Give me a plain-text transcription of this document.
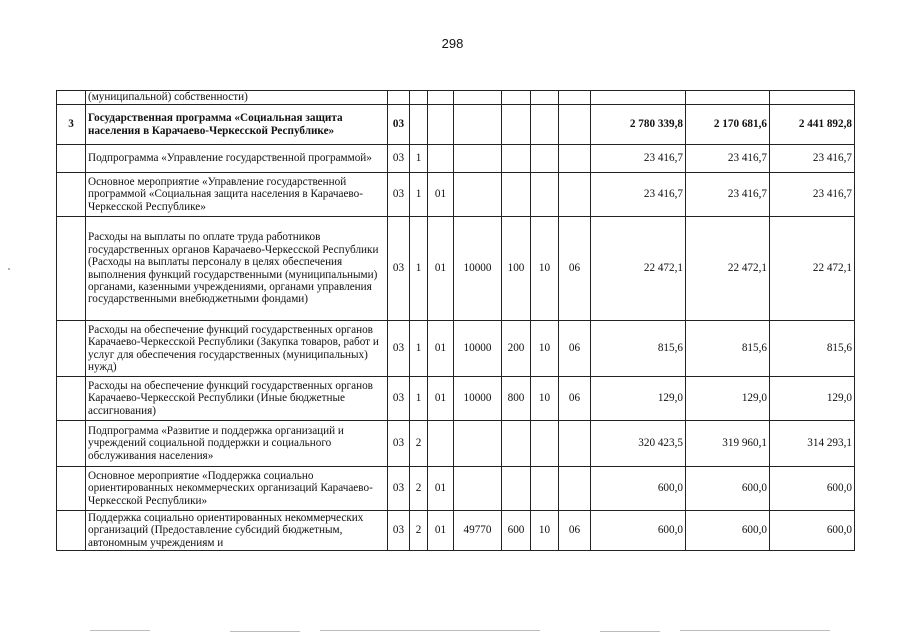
298
	(муниципальной) собственности)										
3	Государственная программа «Социальная защита населения в Карачаево-Черкесской Республике»	03							2 780 339,8	2 170 681,6	2 441 892,8
	Подпрограмма «Управление государственной программой»	03	1						23 416,7	23 416,7	23 416,7
	Основное мероприятие «Управление государственной программой «Социальная защита населения в Карачаево-Черкесской Республике»	03	1	01					23 416,7	23 416,7	23 416,7
	Расходы на выплаты по оплате труда работников государственных органов Карачаево-Черкесской Республики (Расходы на выплаты персоналу в целях обеспечения выполнения функций государственными (муниципальными) органами, казенными учреждениями, органами управления государственными внебюджетными фондами)	03	1	01	10000	100	10	06	22 472,1	22 472,1	22 472,1
	Расходы на обеспечение функций государственных органов Карачаево-Черкесской Республики (Закупка товаров, работ и услуг для обеспечения государственных (муниципальных) нужд)	03	1	01	10000	200	10	06	815,6	815,6	815,6
	Расходы на обеспечение функций государственных органов Карачаево-Черкесской Республики (Иные бюджетные ассигнования)	03	1	01	10000	800	10	06	129,0	129,0	129,0
	Подпрограмма «Развитие и поддержка организаций и учреждений социальной поддержки и социального обслуживания населения»	03	2						320 423,5	319 960,1	314 293,1
	Основное мероприятие «Поддержка социально ориентированных некоммерческих организаций Карачаево-Черкесской Республики»	03	2	01					600,0	600,0	600,0
	Поддержка социально ориентированных некоммерческих организаций (Предоставление субсидий бюджетным, автономным учреждениям и	03	2	01	49770	600	10	06	600,0	600,0	600,0
